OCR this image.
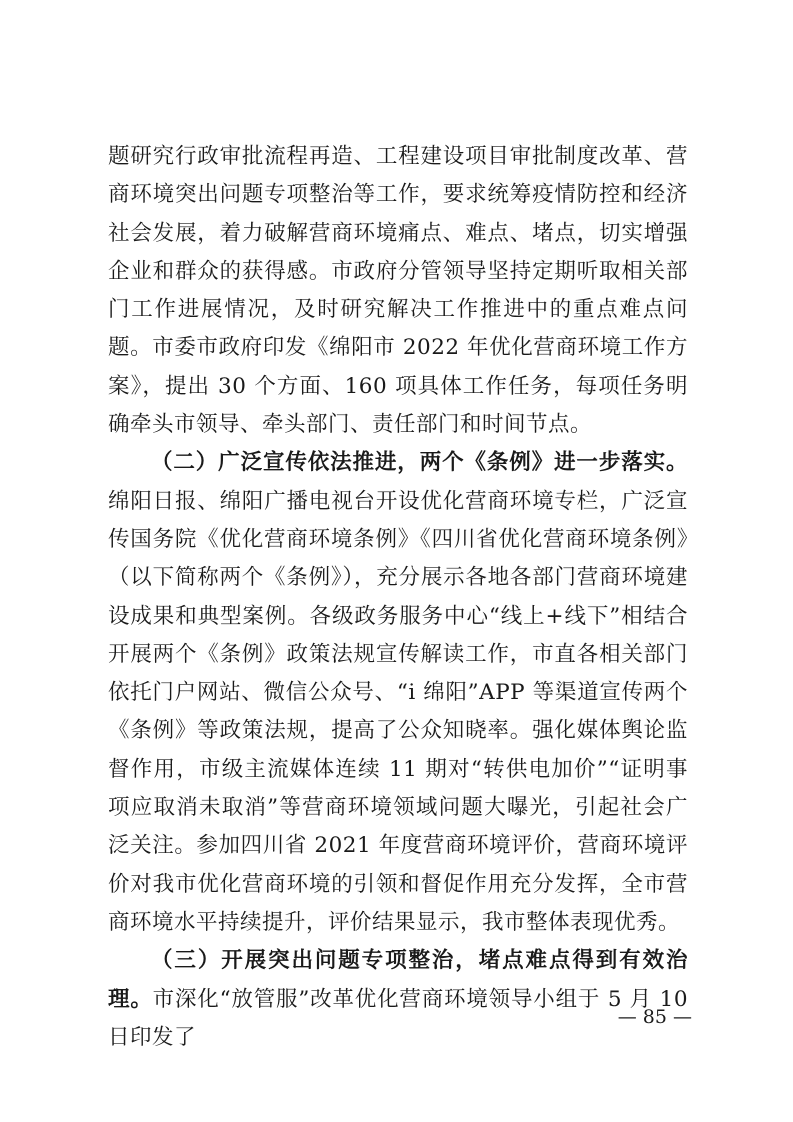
题研究行政审批流程再造、工程建设项目审批制度改革、营商环境突出问题专项整治等工作，要求统筹疫情防控和经济社会发展，着力破解营商环境痛点、难点、堵点，切实增强企业和群众的获得感。市政府分管领导坚持定期听取相关部门工作进展情况，及时研究解决工作推进中的重点难点问题。市委市政府印发《绵阳市 2022 年优化营商环境工作方案》，提出 30 个方面、160 项具体工作任务，每项任务明确牵头市领导、牵头部门、责任部门和时间节点。

（二）广泛宣传依法推进，两个《条例》进一步落实。绵阳日报、绵阳广播电视台开设优化营商环境专栏，广泛宣传国务院《优化营商环境条例》《四川省优化营商环境条例》（以下简称两个《条例》），充分展示各地各部门营商环境建设成果和典型案例。各级政务服务中心“线上+线下”相结合开展两个《条例》政策法规宣传解读工作，市直各相关部门依托门户网站、微信公众号、“i 绵阳”APP 等渠道宣传两个《条例》等政策法规，提高了公众知晓率。强化媒体舆论监督作用，市级主流媒体连续 11 期对“转供电加价”“证明事项应取消未取消”等营商环境领域问题大曝光，引起社会广泛关注。参加四川省 2021 年度营商环境评价，营商环境评价对我市优化营商环境的引领和督促作用充分发挥，全市营商环境水平持续提升，评价结果显示，我市整体表现优秀。

（三）开展突出问题专项整治，堵点难点得到有效治理。市深化“放管服”改革优化营商环境领导小组于 5 月 10 日印发了

— 85 —
